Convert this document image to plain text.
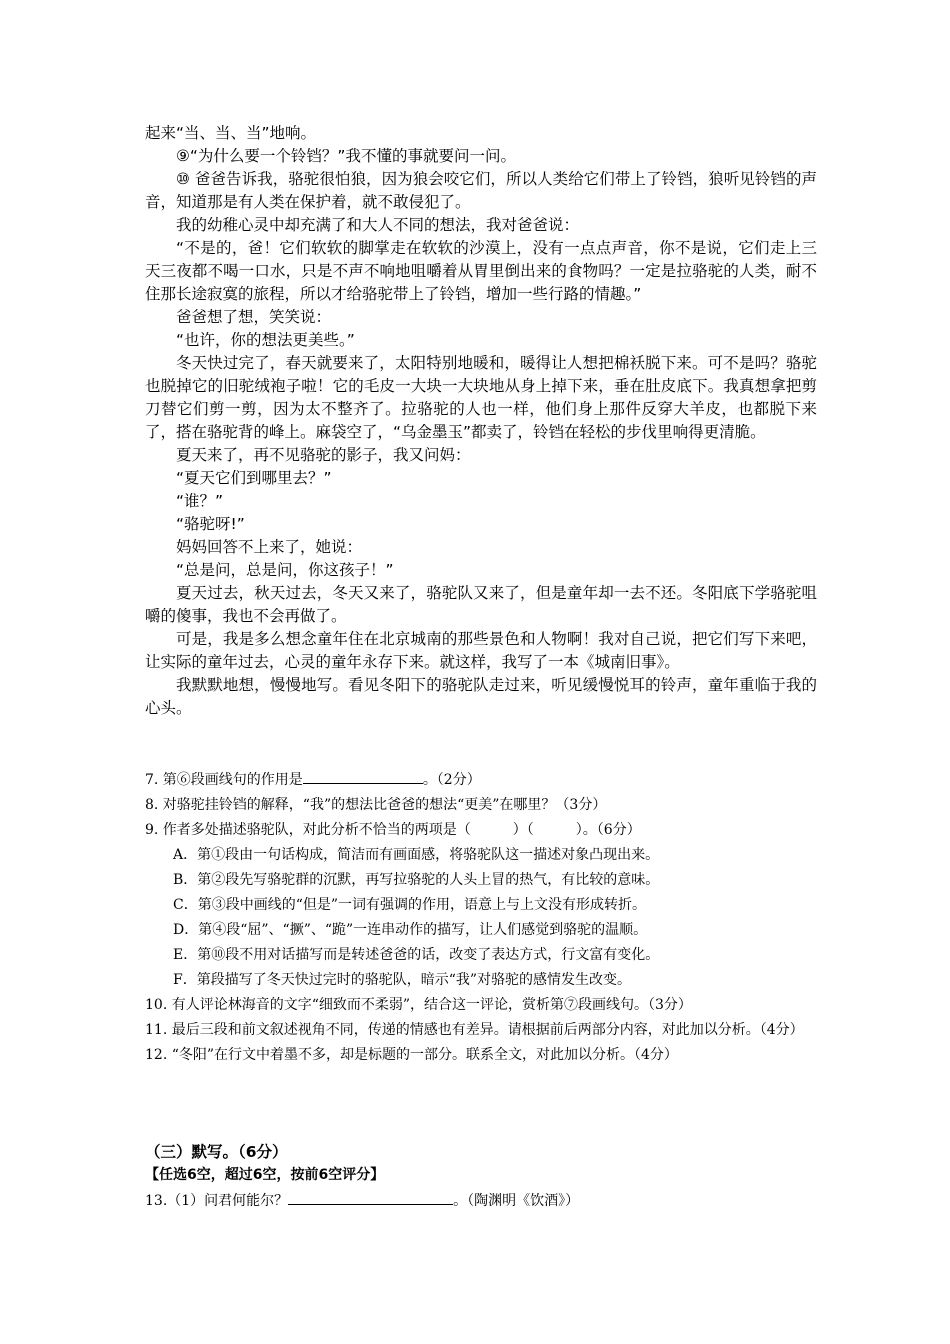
起来“当、当、当”地响。

⑨“为什么要一个铃铛？”我不懂的事就要问一问。

⑩ 爸爸告诉我，骆驼很怕狼，因为狼会咬它们，所以人类给它们带上了铃铛，狼听见铃铛的声音，知道那是有人类在保护着，就不敢侵犯了。

我的幼稚心灵中却充满了和大人不同的想法，我对爸爸说：

“不是的，爸！它们软软的脚掌走在软软的沙漠上，没有一点点声音，你不是说，它们走上三天三夜都不喝一口水，只是不声不响地咀嚼着从胃里倒出来的食物吗？一定是拉骆驼的人类，耐不住那长途寂寞的旅程，所以才给骆驼带上了铃铛，增加一些行路的情趣。”

爸爸想了想，笑笑说：

“也许，你的想法更美些。”

冬天快过完了，春天就要来了，太阳特别地暖和，暖得让人想把棉袄脱下来。可不是吗？骆驼也脱掉它的旧驼绒袍子啦！它的毛皮一大块一大块地从身上掉下来，垂在肚皮底下。我真想拿把剪刀替它们剪一剪，因为太不整齐了。拉骆驼的人也一样，他们身上那件反穿大羊皮，也都脱下来了，搭在骆驼背的峰上。麻袋空了，“乌金墨玉”都卖了，铃铛在轻松的步伐里响得更清脆。

夏天来了，再不见骆驼的影子，我又问妈：

“夏天它们到哪里去？”

“谁？”

“骆驼呀!”

妈妈回答不上来了，她说：

“总是问，总是问，你这孩子！”

夏天过去，秋天过去，冬天又来了，骆驼队又来了，但是童年却一去不还。冬阳底下学骆驼咀嚼的傻事，我也不会再做了。

可是，我是多么想念童年住在北京城南的那些景色和人物啊！我对自己说，把它们写下来吧，让实际的童年过去，心灵的童年永存下来。就这样，我写了一本《城南旧事》。

我默默地想，慢慢地写。看见冬阳下的骆驼队走过来，听见缓慢悦耳的铃声，童年重临于我的心头。

7. 第⑥段画线句的作用是	。（2分）

8. 对骆驼挂铃铛的解释，“我”的想法比爸爸的想法“更美”在哪里？（3分）

9. 作者多处描述骆驼队，对此分析不恰当的两项是（　　　）（　　　）。（6分）

A．第①段由一句话构成，简洁而有画面感，将骆驼队这一描述对象凸现出来。

B．第②段先写骆驼群的沉默，再写拉骆驼的人头上冒的热气，有比较的意味。

C．第③段中画线的“但是”一词有强调的作用，语意上与上文没有形成转折。

D．第④段“屈”、“撅”、“跪”一连串动作的描写，让人们感觉到骆驼的温顺。

E．第⑩段不用对话描写而是转述爸爸的话，改变了表达方式，行文富有变化。

F．第段描写了冬天快过完时的骆驼队，暗示“我”对骆驼的感情发生改变。

10. 有人评论林海音的文字“细致而不柔弱”，结合这一评论，赏析第⑦段画线句。（3分）

11. 最后三段和前文叙述视角不同，传递的情感也有差异。请根据前后两部分内容，对此加以分析。（4分）

12. “冬阳”在行文中着墨不多，却是标题的一部分。联系全文，对此加以分析。（4分）

（三）默写。（6分）

【任选6空，超过6空，按前6空评分】

13.（1）问君何能尔？	。（陶渊明《饮酒》）
